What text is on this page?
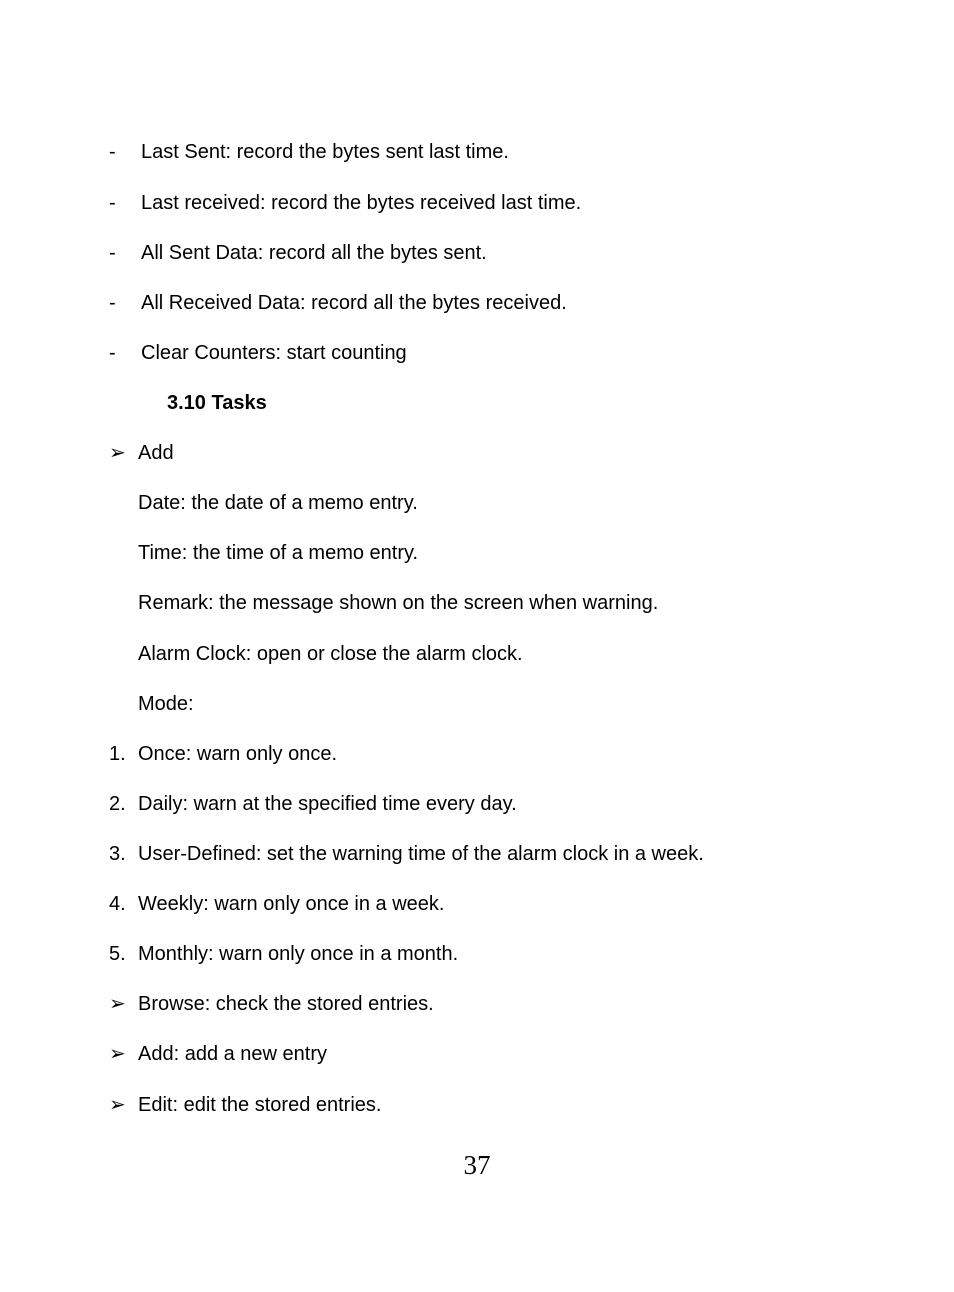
- Last Sent: record the bytes sent last time.
- Last received: record the bytes received last time.
- All Sent Data: record all the bytes sent.
- All Received Data: record all the bytes received.
- Clear Counters: start counting
3.10 Tasks
➢ Add
Date: the date of a memo entry.
Time: the time of a memo entry.
Remark: the message shown on the screen when warning.
Alarm Clock: open or close the alarm clock.
Mode:
1. Once: warn only once.
2. Daily: warn at the specified time every day.
3. User-Defined: set the warning time of the alarm clock in a week.
4. Weekly: warn only once in a week.
5. Monthly: warn only once in a month.
➢ Browse: check the stored entries.
➢ Add: add a new entry
➢ Edit: edit the stored entries.
37
